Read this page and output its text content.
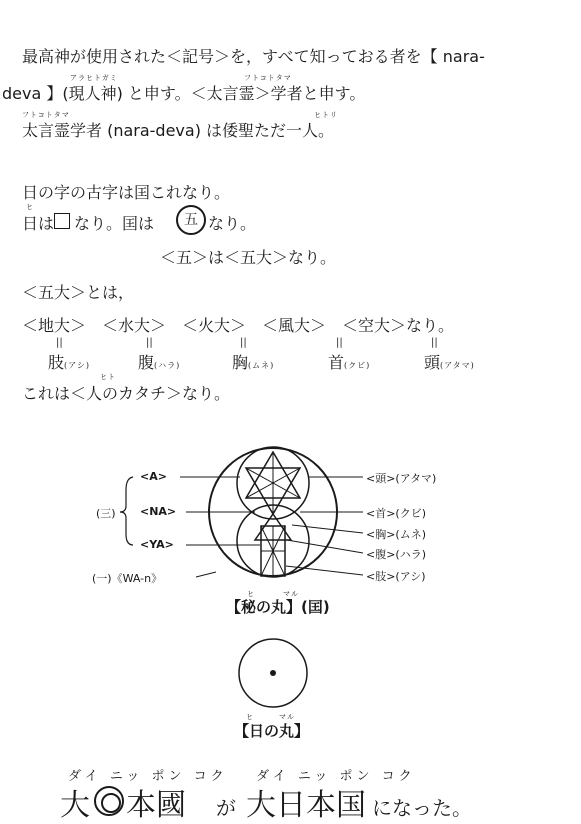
アラヒトガミ	フトコトタマ
最高神が使用された＜記号＞を，すべて知っておる者を【 nara-
deva 】(現人神) と申す。＜太言霊＞学者と申す。
フトコトタマ	ヒトリ
太言霊学者 (nara-deva) は倭聖ただ一人。
日の字の古字は囯これなり。
ヒ
日は なり。囯は	五 なり。
＜五＞は＜五大＞なり。
＜五大＞とは，
＜地大＞　＜水大＞　＜火大＞　＜風大＞　＜空大＞なり。
||	||	||	||	||
肢(アシ)	腹(ハラ)	胸(ムネ)	首(クビ)	頭(アタマ)
ヒト
これは＜人のカタチ＞なり。
<A>
<NA>
<YA>
(三)
(一)《WA-n》
<頭>(アタマ)
<首>(クビ)
<胸>(ムネ)
<腹>(ハラ)
<肢>(アシ)
ヒ	マル
【秘の丸】(囯)
ヒ	マル
【日の丸】
ダイ ニッ ポン コク ダイ ニッ ポン コク
大 本國 が 大日本国 になった。
